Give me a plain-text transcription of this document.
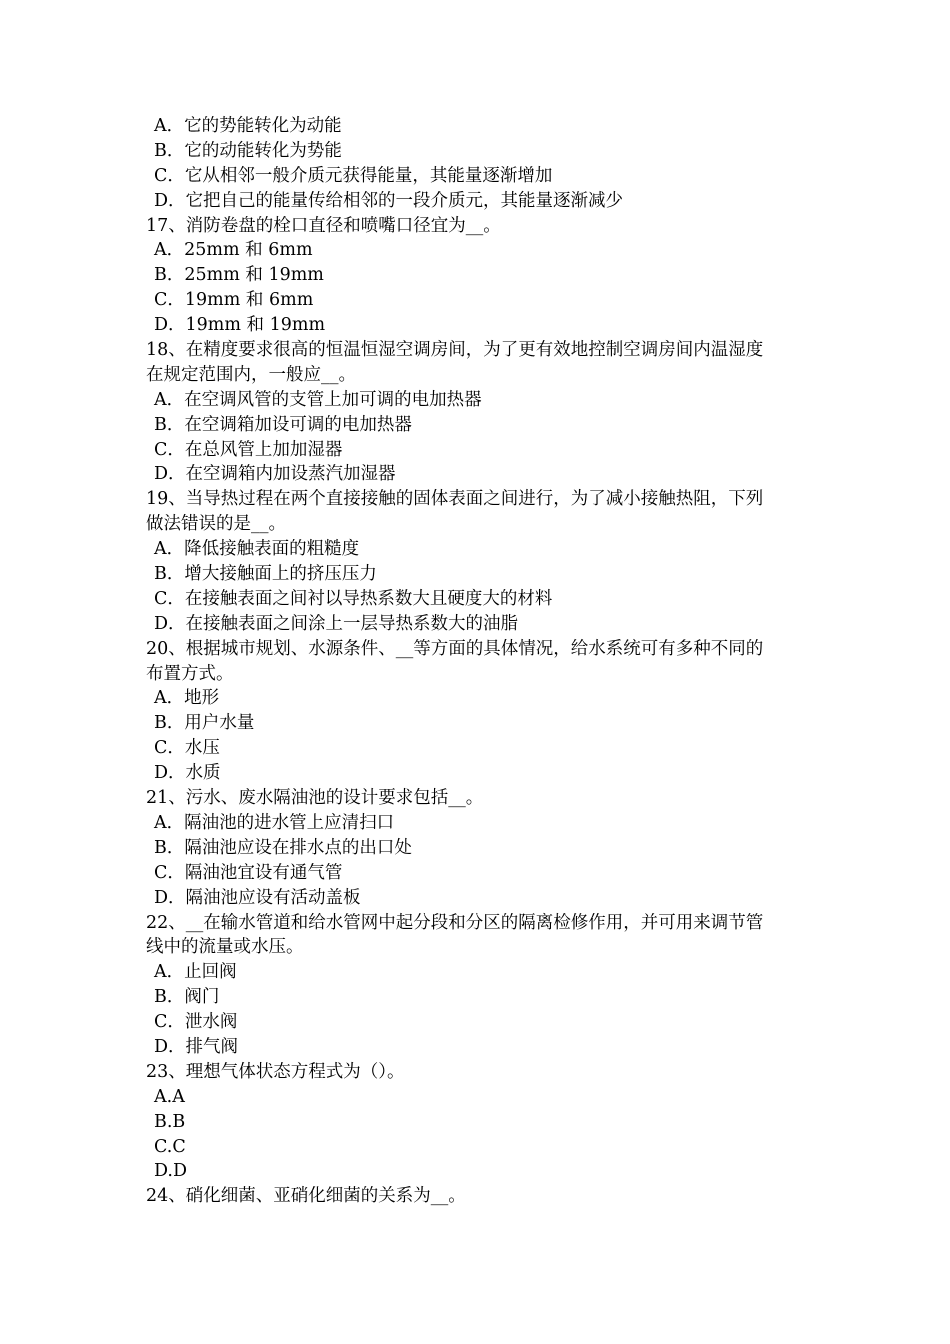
A．它的势能转化为动能
B．它的动能转化为势能
C．它从相邻一般介质元获得能量，其能量逐渐增加
D．它把自己的能量传给相邻的一段介质元，其能量逐渐减少
17、消防卷盘的栓口直径和喷嘴口径宜为__。
A．25mm 和 6mm
B．25mm 和 19mm
C．19mm 和 6mm
D．19mm 和 19mm
18、在精度要求很高的恒温恒湿空调房间，为了更有效地控制空调房间内温湿度
在规定范围内，一般应__。
A．在空调风管的支管上加可调的电加热器
B．在空调箱加设可调的电加热器
C．在总风管上加加湿器
D．在空调箱内加设蒸汽加湿器
19、当导热过程在两个直接接触的固体表面之间进行，为了减小接触热阻，下列
做法错误的是__。
A．降低接触表面的粗糙度
B．增大接触面上的挤压压力
C．在接触表面之间衬以导热系数大且硬度大的材料
D．在接触表面之间涂上一层导热系数大的油脂
20、根据城市规划、水源条件、__等方面的具体情况，给水系统可有多种不同的
布置方式。
A．地形
B．用户水量
C．水压
D．水质
21、污水、废水隔油池的设计要求包括__。
A．隔油池的进水管上应清扫口
B．隔油池应设在排水点的出口处
C．隔油池宜设有通气管
D．隔油池应设有活动盖板
22、__在输水管道和给水管网中起分段和分区的隔离检修作用，并可用来调节管
线中的流量或水压。
A．止回阀
B．阀门
C．泄水阀
D．排气阀
23、理想气体状态方程式为（）。
A.A
B.B
C.C
D.D
24、硝化细菌、亚硝化细菌的关系为__。
